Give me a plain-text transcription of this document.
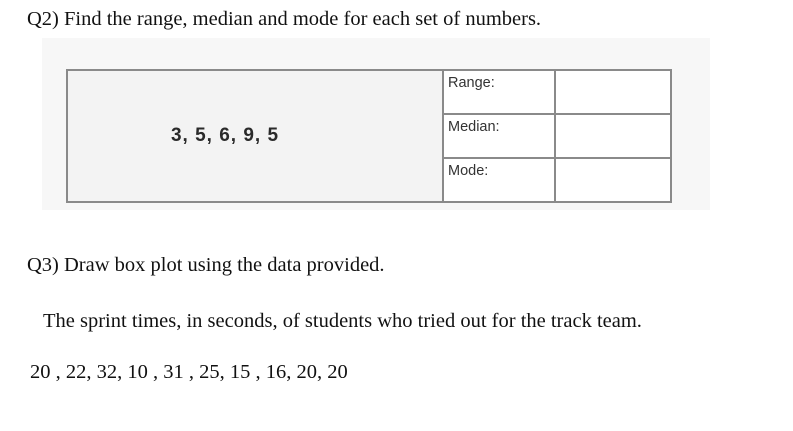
Q2) Find the range, median and mode for each set of numbers.
3, 5, 6, 9, 5	Range:	
	Median:	
	Mode:	
Q3) Draw box plot using the data provided.
The sprint times, in seconds, of students who tried out for the track team.
20 , 22, 32, 10 , 31 , 25, 15 , 16, 20, 20
